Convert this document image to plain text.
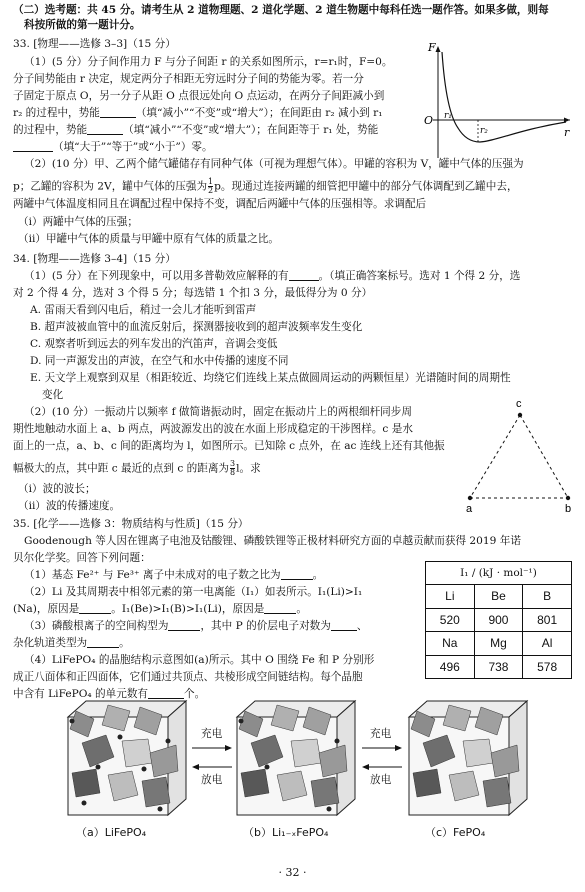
（二）选考题：共 45 分。请考生从 2 道物理题、2 道化学题、2 道生物题中每科任选一题作答。如果多做，则每
科按所做的第一题计分。
33. [物理——选修 3–3]（15 分）
（1）(5 分）分子间作用力 F 与分子间距 r 的关系如图所示，r=r₁时，F=0。
分子间势能由 r 决定，规定两分子相距无穷远时分子间的势能为零。若一分
子固定于原点 O，另一分子从距 O 点很远处向 O 点运动，在两分子间距减小到
r₂ 的过程中，势能	（填“减小”“不变”或“增大”）；在间距由 r₂ 减小到 r₁
的过程中，势能	（填“减小”“不变”或“增大”）；在间距等于 r₁ 处，势能
（填“大于”“等于”或“小于”）零。
F
O
r
r₁
r₂
（2）(10 分）甲、乙两个储气罐储存有同种气体（可视为理想气体）。甲罐的容积为 V，罐中气体的压强为
p；乙罐的容积为 2V，罐中气体的压强为 $\frac{1}{2}$ p。现通过连接两罐的细管把甲罐中的部分气体调配到乙罐中去，
两罐中气体温度相同且在调配过程中保持不变，调配后两罐中气体的压强相等。求调配后
（i）两罐中气体的压强；
（ii）甲罐中气体的质量与甲罐中原有气体的质量之比。
34. [物理——选修 3–4]（15 分）
（1）(5 分）在下列现象中，可以用多普勒效应解释的有	。（填正确答案标号。选对 1 个得 2 分，选
对 2 个得 4 分，选对 3 个得 5 分；每选错 1 个扣 3 分，最低得分为 0 分）
A. 雷雨天看到闪电后，稍过一会儿才能听到雷声
B. 超声波被血管中的血流反射后，探测器接收到的超声波频率发生变化
C. 观察者听到远去的列车发出的汽笛声，音调会变低
D. 同一声源发出的声波，在空气和水中传播的速度不同
E. 天文学上观察到双星（相距较近、均绕它们连线上某点做圆周运动的两颗恒星）光谱随时间的周期性
变化
（2）(10 分）一振动片以频率 f 做简谐振动时，固定在振动片上的两根细杆同步周
期性地触动水面上 a、b 两点，两波源发出的波在水面上形成稳定的干涉图样。c 是水
面上的一点，a、b、c 间的距离均为 l，如图所示。已知除 c 点外，在 ac 连线上还有其他振
幅极大的点，其中距 c 最近的点到 c 的距离为 $\frac{3}{8}$ l。求
（i）波的波长；
（ii）波的传播速度。
c
a	b
35. [化学——选修 3：物质结构与性质]（15 分）
Goodenough 等人因在锂离子电池及钴酸锂、磷酸铁锂等正极材料研究方面的卓越贡献而获得 2019 年诺
贝尔化学奖。回答下列问题：
（1）基态 Fe²⁺ 与 Fe³⁺ 离子中未成对的电子数之比为	。
（2）Li 及其周期表中相邻元素的第一电离能（I₁）如表所示。I₁(Li)>I₁
(Na)，原因是	。I₁(Be)>I₁(B)>I₁(Li)，原因是	。
（3）磷酸根离子的空间构型为	，其中 P 的价层电子对数为 、
杂化轨道类型为	。
（4）LiFePO₄ 的晶胞结构示意图如(a)所示。其中 O 围绕 Fe 和 P 分别形
成正八面体和正四面体，它们通过共顶点、共棱形成空间链结构。每个晶胞
中含有 LiFePO₄ 的单元数有	个。
I₁ / (kJ · mol⁻¹)		
Li	Be	B
520	900	801
Na	Mg	Al
496	738	578
充电
放电
充电
放电
（a）LiFePO₄	（b）Li₁₋ₓFePO₄	（c）FePO₄
· 32 ·
